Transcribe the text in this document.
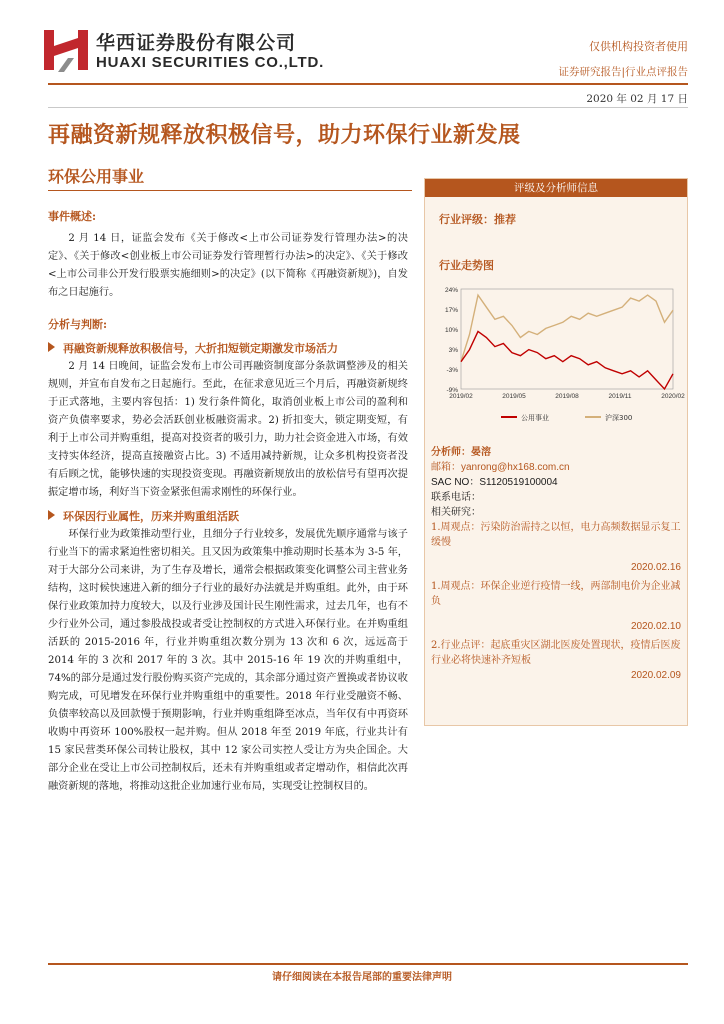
华西证券股份有限公司
HUAXI SECURITIES CO.,LTD.
仅供机构投资者使用
证券研究报告|行业点评报告
2020 年 02 月 17 日
再融资新规释放积极信号，助力环保行业新发展
环保公用事业
事件概述:
2 月 14 日，证监会发布《关于修改<上市公司证券发行管理办法>的决定》、《关于修改<创业板上市公司证券发行管理暂行办法>的决定》、《关于修改<上市公司非公开发行股票实施细则>的决定》(以下简称《再融资新规》)，自发布之日起施行。
分析与判断:
再融资新规释放积极信号，大折扣短锁定期激发市场活力
2 月 14 日晚间，证监会发布上市公司再融资制度部分条款调整涉及的相关规则，并宣布自发布之日起施行。至此，在征求意见近三个月后，再融资新规终于正式落地，主要内容包括：1) 发行条件简化，取消创业板上市公司的盈利和资产负债率要求，势必会活跃创业板融资需求。2) 折扣变大，锁定期变短，有利于上市公司并购重组，提高对投资者的吸引力，助力社会资金进入市场，有效支持实体经济，提高直接融资占比。3) 不适用减持新规，让众多机构投资者没有后顾之忧，能够快速的实现投资变现。再融资新规放出的放松信号有望再次提振定增市场，利好当下资金紧张但需求刚性的环保行业。
环保因行业属性，历来并购重组活跃
环保行业为政策推动型行业，且细分子行业较多，发展优先顺序通常与该子行业当下的需求紧迫性密切相关。且又因为政策集中推动期时长基本为 3-5 年，对于大部分公司来讲，为了生存及增长，通常会根据政策变化调整公司主营业务结构，这时候快速进入新的细分子行业的最好办法就是并购重组。此外，由于环保行业政策加持力度较大，以及行业涉及国计民生刚性需求，过去几年，也有不少行业外公司，通过参股战投或者受让控制权的方式进入环保行业。在并购重组活跃的 2015-2016 年，行业并购重组次数分别为 13 次和 6 次，远远高于 2014 年的 3 次和 2017 年的 3 次。其中 2015-16 年 19 次的并购重组中，74%的部分是通过发行股份购买资产完成的，其余部分通过资产置换或者协议收购完成，可见增发在环保行业并购重组中的重要性。2018 年行业受融资不畅、负债率较高以及回款慢于预期影响，行业并购重组降至冰点，当年仅有中再资环收购中再资环 100%股权一起并购。但从 2018 年至 2019 年底，行业共计有 15 家民营类环保公司转让股权，其中 12 家公司实控人受让方为央企国企。大部分企业在受让上市公司控制权后，还未有并购重组或者定增动作，相信此次再融资新规的落地，将推动这批企业加速行业布局，实现受让控制权目的。
评级及分析师信息
行业评级：推荐
行业走势图
24%
17%
10%
3%
-3%
-9%
2019/02	2019/05	2019/08	2019/11	2020/02
公用事业	沪深300
分析师：晏溶
邮箱：yanrong@hx168.com.cn
SAC NO：S1120519100004
联系电话：
相关研究：
1.周观点：污染防治需持之以恒，电力高频数据显示复工缓慢
2020.02.16
1.周观点：环保企业逆行疫情一线，两部制电价为企业减负
2020.02.10
2.行业点评：起底重灾区湖北医废处置现状，疫情后医废行业必将快速补齐短板
2020.02.09
请仔细阅读在本报告尾部的重要法律声明
